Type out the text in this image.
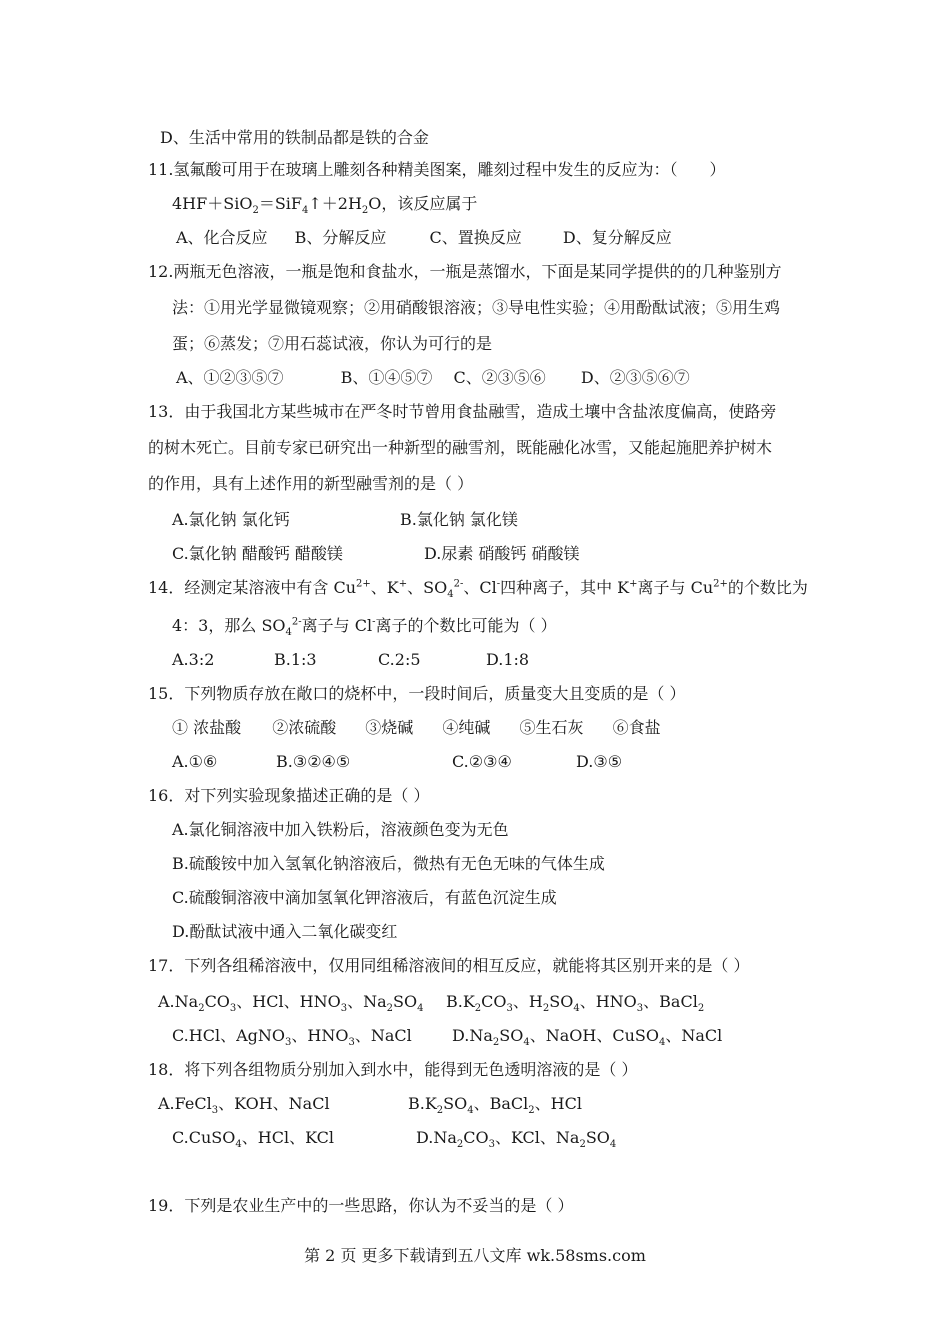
D、生活中常用的铁制品都是铁的合金
11.氢氟酸可用于在玻璃上雕刻各种精美图案，雕刻过程中发生的反应为：（　　）
$4HF+SiO_2=SiF_4↑+2H_2O$，该反应属于
A、化合反应 B、分解反应	C、置换反应	D、复分解反应
12.两瓶无色溶液，一瓶是饱和食盐水，一瓶是蒸馏水，下面是某同学提供的的几种鉴别方
法：①用光学显微镜观察；②用硝酸银溶液；③导电性实验；④用酚酞试液；⑤用生鸡
蛋；⑥蒸发；⑦用石蕊试液，你认为可行的是
A、①②③⑤⑦	B、①④⑤⑦ C、②③⑤⑥ D、②③⑤⑥⑦
13．由于我国北方某些城市在严冬时节曾用食盐融雪，造成土壤中含盐浓度偏高，使路旁
的树木死亡。目前专家已研究出一种新型的融雪剂，既能融化冰雪，又能起施肥养护树木
的作用，具有上述作用的新型融雪剂的是（ ）
A.氯化钠 氯化钙	B.氯化钠 氯化镁
C.氯化钠 醋酸钙 醋酸镁	D.尿素 硝酸钙 硝酸镁
14．经测定某溶液中有含 $Cu^{2+}$、K+、$SO_4^{2-}$、Cl-四种离子，其中 K+离子与 $Cu^{2+}$的个数比为
4：3，那么 $SO_4^{2-}$离子与 Cl-离子的个数比可能为（ ）
A.3:2	B.1:3	C.2:5	D.1:8
15．下列物质存放在敞口的烧杯中，一段时间后，质量变大且变质的是（ ）
① 浓盐酸 ②浓硫酸 ③烧碱 ④纯碱 ⑤生石灰 ⑥食盐
A.①⑥	B.③②④⑤	C.②③④	D.③⑤
16．对下列实验现象描述正确的是（ ）
A.氯化铜溶液中加入铁粉后，溶液颜色变为无色
B.硫酸铵中加入氢氧化钠溶液后，微热有无色无味的气体生成
C.硫酸铜溶液中滴加氢氧化钾溶液后，有蓝色沉淀生成
D.酚酞试液中通入二氧化碳变红
17．下列各组稀溶液中，仅用同组稀溶液间的相互反应，就能将其区别开来的是（ ）
$A.Na_2CO_3$、HCl、$HNO_3$、$Na_2SO_4$ $B.K_2CO_3$、$H_2SO_4$、$HNO_3$、BaCl$_2$
C.HCl、AgNO$_3$、$HNO_3$、NaCl	$D.Na_2SO_4$、NaOH、CuSO$_4$、NaCl
18．将下列各组物质分别加入到水中，能得到无色透明溶液的是（ ）
A.FeCl$_3$、KOH、NaCl	$B.K_2SO_4$、BaCl$_2$、HCl
C.CuSO$_4$、HCl、KCl	$D.Na_2CO_3$、KCl、$Na_2SO_4$
19．下列是农业生产中的一些思路，你认为不妥当的是（ ）
第 2 页 更多下载请到五八文库 wk.58sms.com
